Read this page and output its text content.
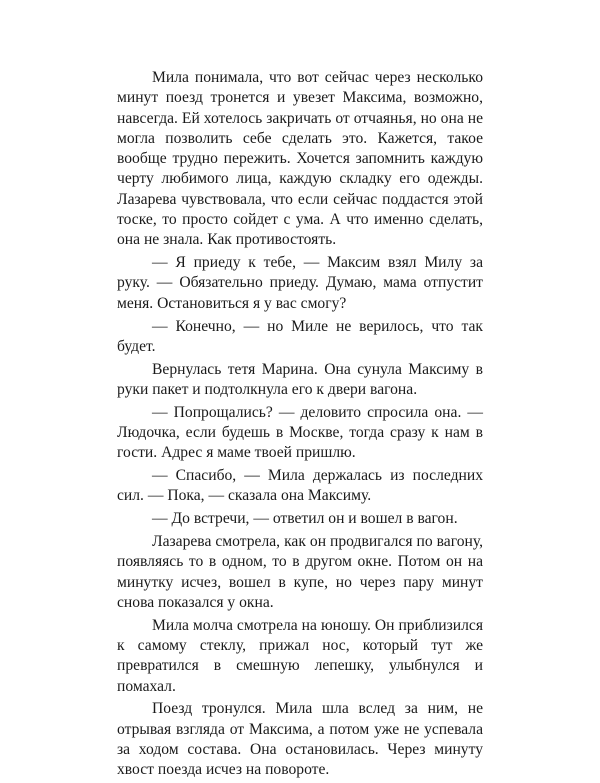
Мила понимала, что вот сейчас через несколько минут поезд тронется и увезет Максима, возможно, навсегда. Ей хотелось закричать от отчаянья, но она не могла позволить себе сделать это. Кажется, такое вообще трудно пережить. Хочется запомнить каждую черту любимого лица, каждую складку его одежды. Лазарева чувствовала, что если сейчас поддастся этой тоске, то просто сойдет с ума. А что именно сделать, она не знала. Как противостоять.

— Я приеду к тебе, — Максим взял Милу за руку. — Обязательно приеду. Думаю, мама отпустит меня. Остановиться я у вас смогу?

— Конечно, — но Миле не верилось, что так будет.

Вернулась тетя Марина. Она сунула Максиму в руки пакет и подтолкнула его к двери вагона.

— Попрощались? — деловито спросила она. — Людочка, если будешь в Москве, тогда сразу к нам в гости. Адрес я маме твоей пришлю.

— Спасибо, — Мила держалась из последних сил. — Пока, — сказала она Максиму.

— До встречи, — ответил он и вошел в вагон.

Лазарева смотрела, как он продвигался по вагону, появляясь то в одном, то в другом окне. Потом он на минутку исчез, вошел в купе, но через пару минут снова показался у окна.

Мила молча смотрела на юношу. Он приблизился к самому стеклу, прижал нос, который тут же превратился в смешную лепешку, улыбнулся и помахал.

Поезд тронулся. Мила шла вслед за ним, не отрывая взгляда от Максима, а потом уже не успевала за ходом состава. Она остановилась. Через минуту хвост поезда исчез на повороте.
